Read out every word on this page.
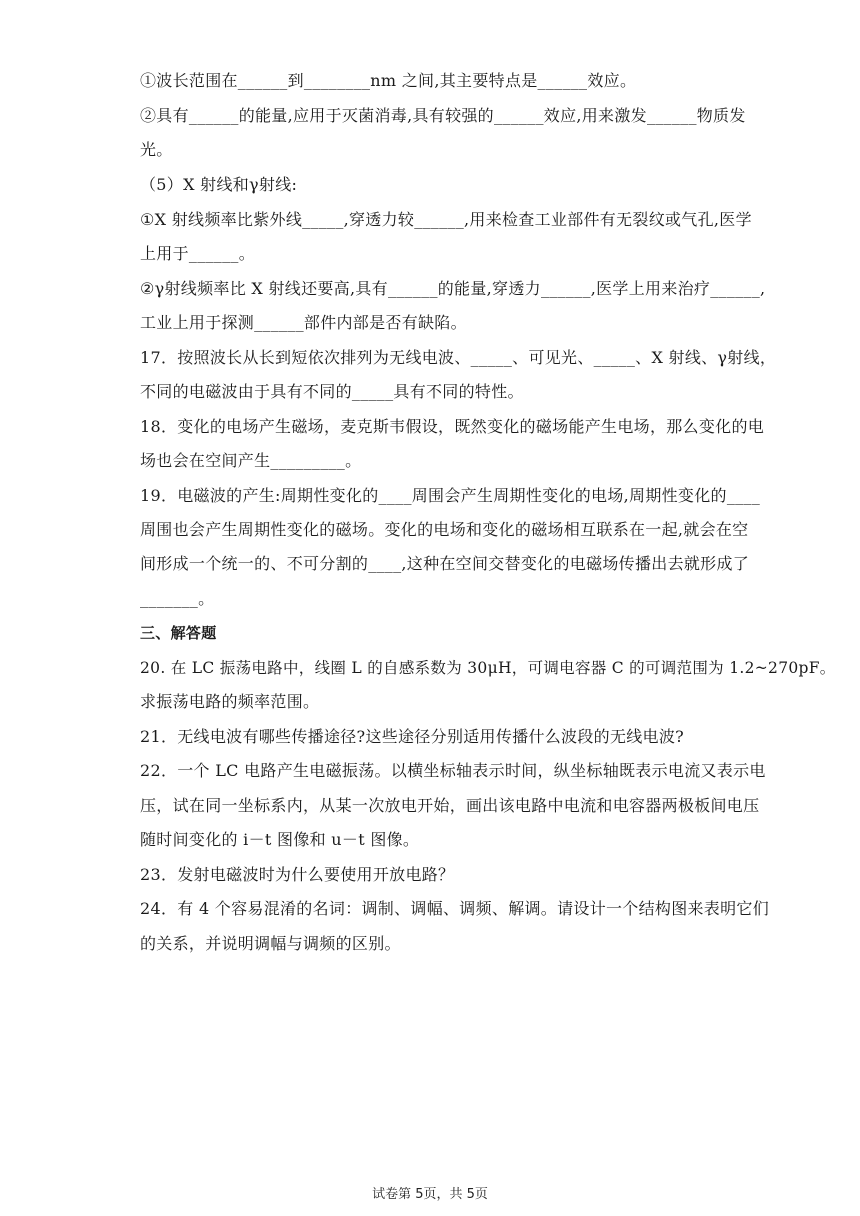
①波长范围在______到________nm 之间,其主要特点是______效应。
②具有______的能量,应用于灭菌消毒,具有较强的______效应,用来激发______物质发
光。
（5）X 射线和γ射线:
①X 射线频率比紫外线_____,穿透力较______,用来检查工业部件有无裂纹或气孔,医学
上用于______。
②γ射线频率比 X 射线还要高,具有______的能量,穿透力______,医学上用来治疗______,
工业上用于探测______部件内部是否有缺陷。
17．按照波长从长到短依次排列为无线电波、_____、可见光、_____、X 射线、γ射线，
不同的电磁波由于具有不同的_____具有不同的特性。
18．变化的电场产生磁场，麦克斯韦假设，既然变化的磁场能产生电场，那么变化的电
场也会在空间产生_________。
19．电磁波的产生:周期性变化的____周围会产生周期性变化的电场,周期性变化的____
周围也会产生周期性变化的磁场。变化的电场和变化的磁场相互联系在一起,就会在空
间形成一个统一的、不可分割的____,这种在空间交替变化的电磁场传播出去就形成了
_______。
三、解答题
20. 在 LC 振荡电路中，线圈 L 的自感系数为 30μH，可调电容器 C 的可调范围为 1.2~270pF。
求振荡电路的频率范围。
21．无线电波有哪些传播途径?这些途径分别适用传播什么波段的无线电波?
22．一个 LC 电路产生电磁振荡。以横坐标轴表示时间，纵坐标轴既表示电流又表示电
压，试在同一坐标系内，从某一次放电开始，画出该电路中电流和电容器两极板间电压
随时间变化的 i－t 图像和 u－t 图像。
23．发射电磁波时为什么要使用开放电路？
24．有 4 个容易混淆的名词：调制、调幅、调频、解调。请设计一个结构图来表明它们
的关系，并说明调幅与调频的区别。
试卷第 5页，共 5页
